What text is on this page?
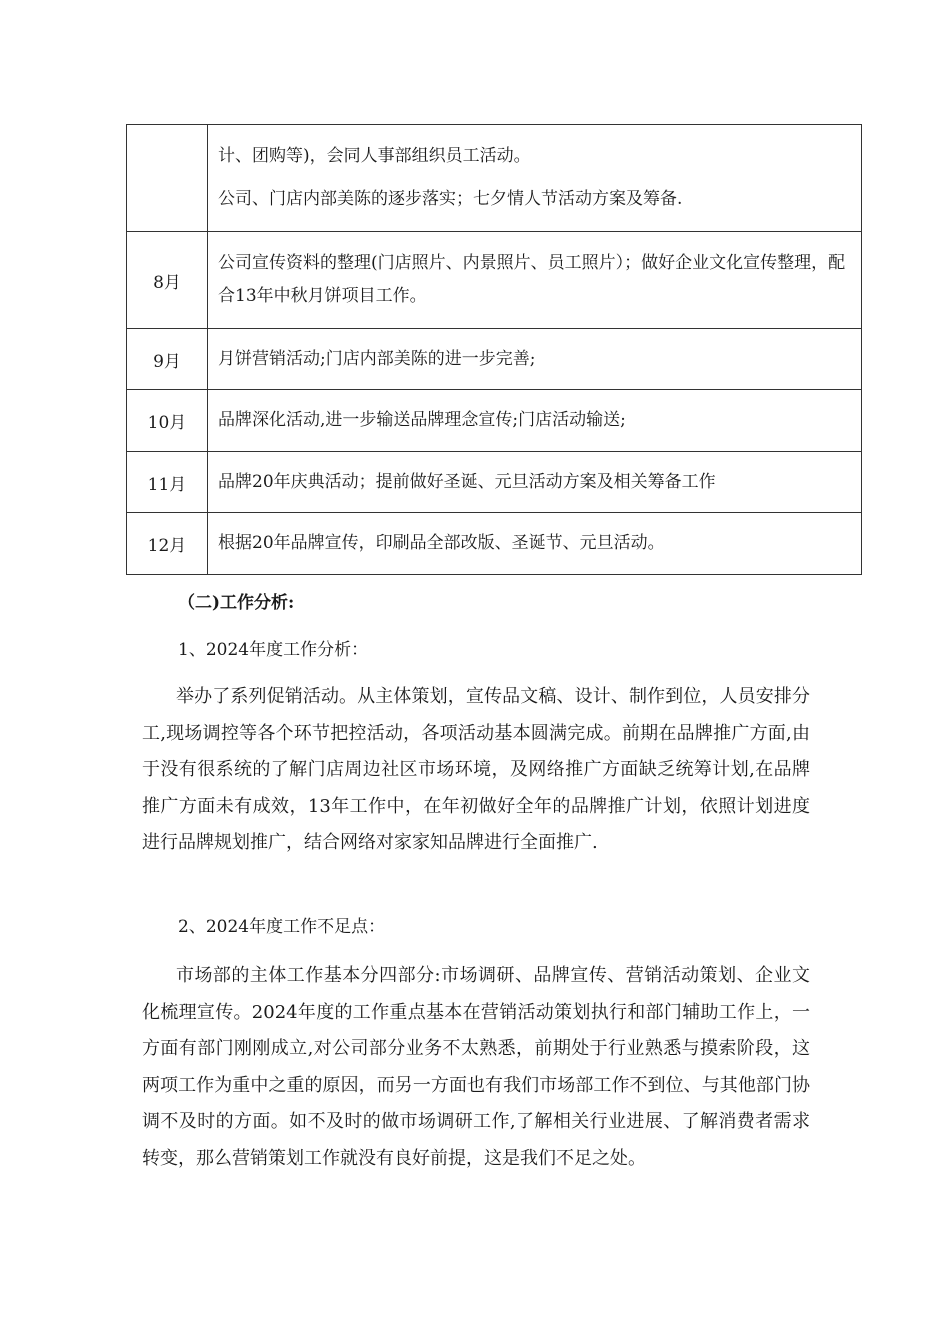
	计、团购等)，会同人事部组织员工活动。

公司、门店内部美陈的逐步落实；七夕情人节活动方案及筹备.

8月	公司宣传资料的整理(门店照片、内景照片、员工照片）；做好企业文化宣传整理，配合13年中秋月饼项目工作。

9月	月饼营销活动;门店内部美陈的进一步完善;

10月	品牌深化活动,进一步输送品牌理念宣传;门店活动输送;

11月	品牌20年庆典活动；提前做好圣诞、元旦活动方案及相关筹备工作

12月	根据20年品牌宣传，印刷品全部改版、圣诞节、元旦活动。

（二)工作分析:

1、2024年度工作分析：

举办了系列促销活动。从主体策划，宣传品文稿、设计、制作到位，人员安排分工,现场调控等各个环节把控活动，各项活动基本圆满完成。前期在品牌推广方面,由于没有很系统的了解门店周边社区市场环境，及网络推广方面缺乏统筹计划,在品牌推广方面未有成效，13年工作中，在年初做好全年的品牌推广计划，依照计划进度进行品牌规划推广，结合网络对家家知品牌进行全面推广.

2、2024年度工作不足点：

市场部的主体工作基本分四部分:市场调研、品牌宣传、营销活动策划、企业文化梳理宣传。2024年度的工作重点基本在营销活动策划执行和部门辅助工作上，一方面有部门刚刚成立,对公司部分业务不太熟悉，前期处于行业熟悉与摸索阶段，这两项工作为重中之重的原因，而另一方面也有我们市场部工作不到位、与其他部门协调不及时的方面。如不及时的做市场调研工作,了解相关行业进展、了解消费者需求转变，那么营销策划工作就没有良好前提，这是我们不足之处。
